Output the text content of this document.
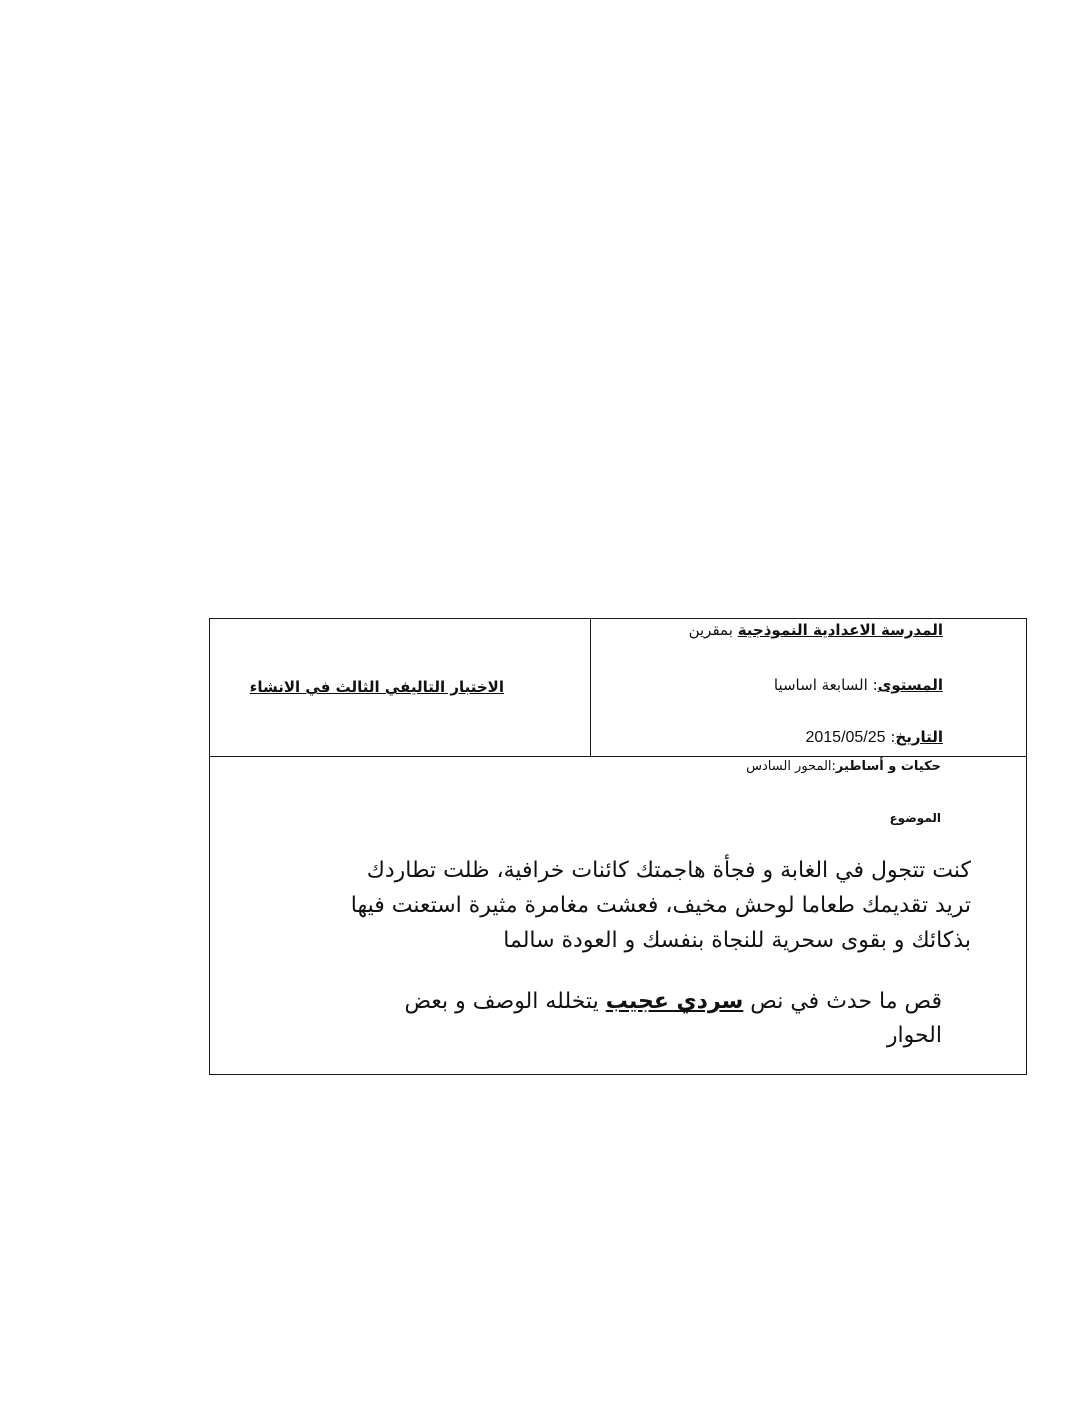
الاختبار التاليفي الثالث في الانشاء
المدرسة الاعدادية النموذجية بمقرين
المستوى: السابعة اساسيا
التاريخ: 2015/05/25
حكيات و أساطير:المحور السادس
الموضوع
كنت تتجول في الغابة و فجأة هاجمتك كائنات خرافية، ظلت تطاردك
تريد تقديمك طعاما لوحش مخيف، فعشت مغامرة مثيرة استعنت فيها
بذكائك و بقوى سحرية للنجاة بنفسك و العودة سالما
قص ما حدث في نص سردي عجيب يتخلله الوصف و بعض
الحوار
